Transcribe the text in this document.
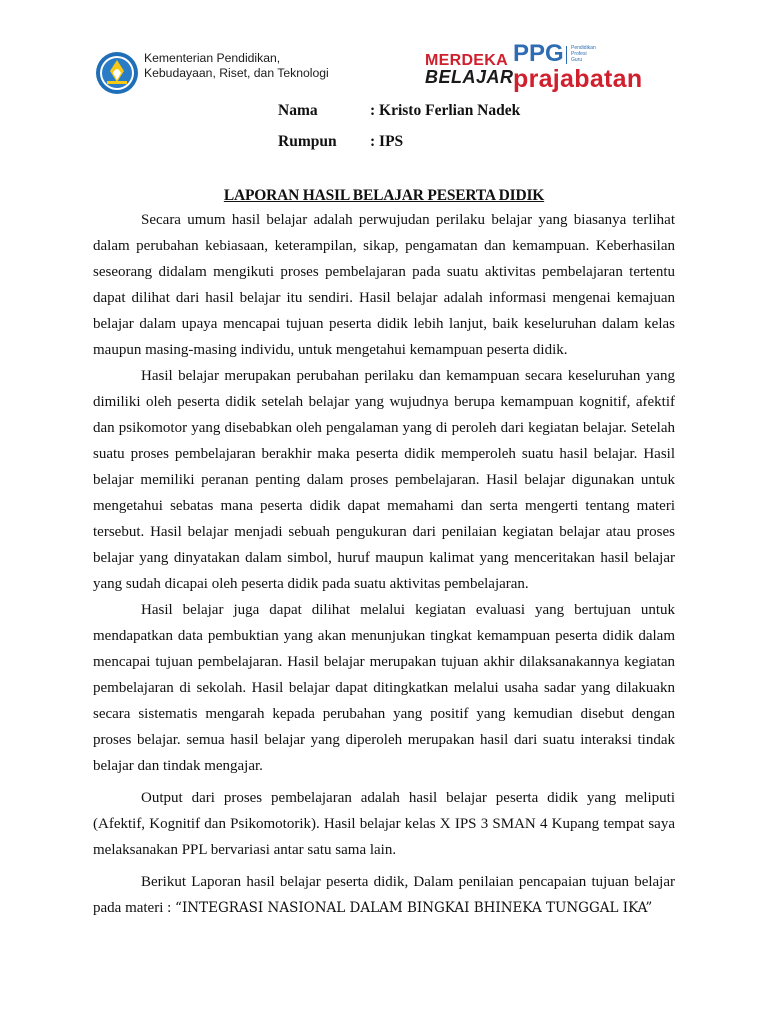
Kementerian Pendidikan,
Kebudayaan, Riset, dan Teknologi
MERDEKA
BELAJAR
PPG	Pendidikan
Profesi
Guru
prajabatan
Nama	: Kristo Ferlian Nadek
Rumpun : IPS
LAPORAN HASIL BELAJAR PESERTA DIDIK

Secara umum hasil belajar adalah perwujudan perilaku belajar yang biasanya terlihat dalam perubahan kebiasaan, keterampilan, sikap, pengamatan dan kemampuan. Keberhasilan seseorang didalam mengikuti proses pembelajaran pada suatu aktivitas pembelajaran tertentu dapat dilihat dari hasil belajar itu sendiri. Hasil belajar adalah informasi mengenai kemajuan belajar dalam upaya mencapai tujuan peserta didik lebih lanjut, baik keseluruhan dalam kelas maupun masing-masing individu, untuk mengetahui kemampuan peserta didik.

Hasil belajar merupakan perubahan perilaku dan kemampuan secara keseluruhan yang dimiliki oleh peserta didik setelah belajar yang wujudnya berupa kemampuan kognitif, afektif dan psikomotor yang disebabkan oleh pengalaman yang di peroleh dari kegiatan belajar. Setelah suatu proses pembelajaran berakhir maka peserta didik memperoleh suatu hasil belajar. Hasil belajar memiliki peranan penting dalam proses pembelajaran. Hasil belajar digunakan untuk mengetahui sebatas mana peserta didik dapat memahami dan serta mengerti tentang materi tersebut. Hasil belajar menjadi sebuah pengukuran dari penilaian kegiatan belajar atau proses belajar yang dinyatakan dalam simbol, huruf maupun kalimat yang menceritakan hasil belajar yang sudah dicapai oleh peserta didik pada suatu aktivitas pembelajaran.

Hasil belajar juga dapat dilihat melalui kegiatan evaluasi yang bertujuan untuk mendapatkan data pembuktian yang akan menunjukan tingkat kemampuan peserta didik dalam mencapai tujuan pembelajaran. Hasil belajar merupakan tujuan akhir dilaksanakannya kegiatan pembelajaran di sekolah. Hasil belajar dapat ditingkatkan melalui usaha sadar yang dilakuakn secara sistematis mengarah kepada perubahan yang positif yang kemudian disebut dengan proses belajar. semua hasil belajar yang diperoleh merupakan hasil dari suatu interaksi tindak belajar dan tindak mengajar.

Output dari proses pembelajaran adalah hasil belajar peserta didik yang meliputi (Afektif, Kognitif dan Psikomotorik). Hasil belajar kelas X IPS 3 SMAN 4 Kupang tempat saya melaksanakan PPL bervariasi antar satu sama lain.

Berikut Laporan hasil belajar peserta didik, Dalam penilaian pencapaian tujuan belajar pada materi : “INTEGRASI NASIONAL DALAM BINGKAI BHINEKA TUNGGAL IKA”
